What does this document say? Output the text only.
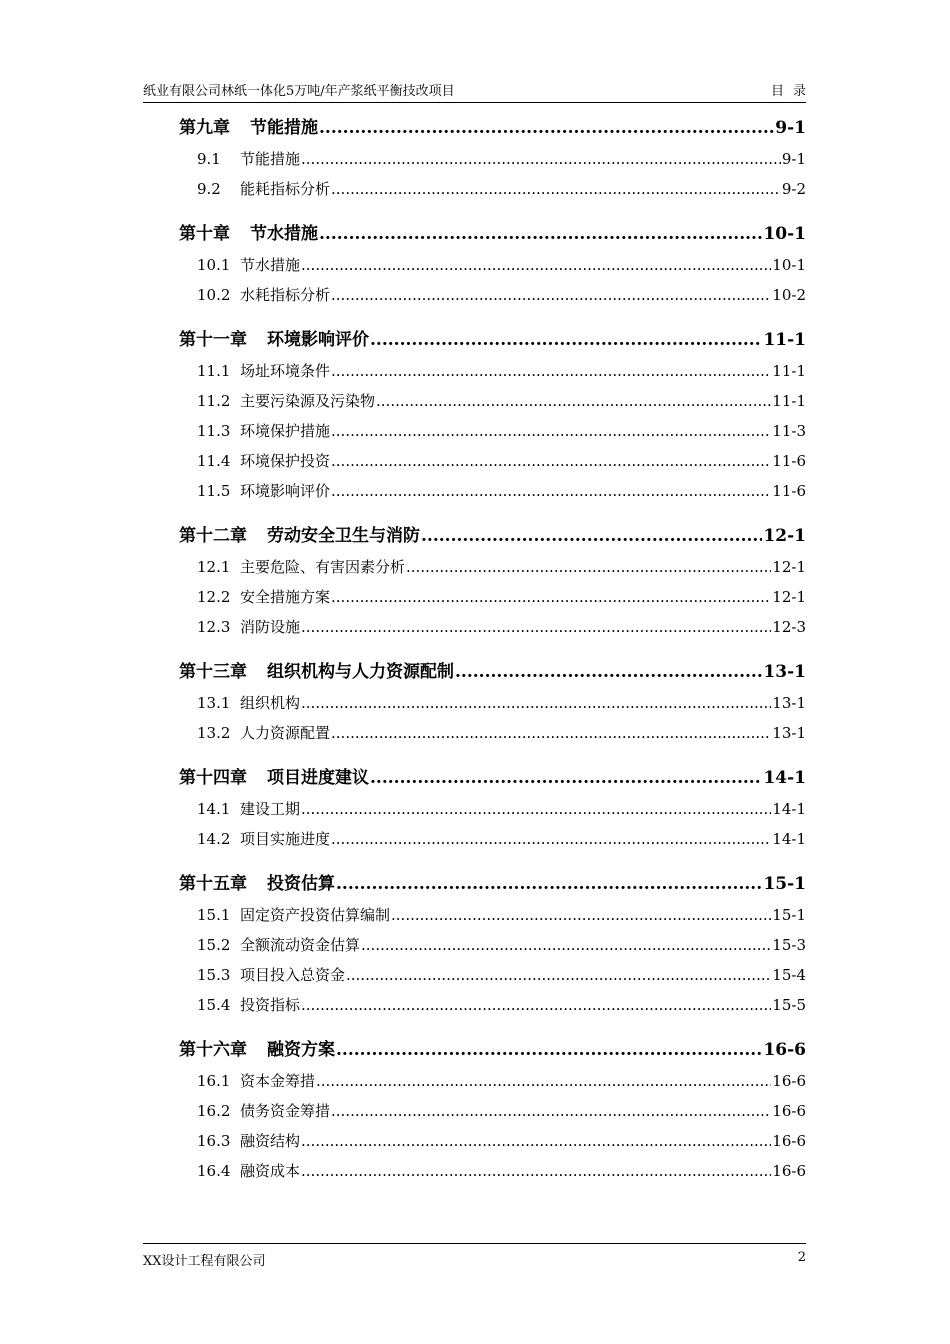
纸业有限公司林纸一体化5万吨/年产浆纸平衡技改项目	目录
第九章 节能措施 .....	9-1
9.1	节能措施 .....	9-1
9.2	能耗指标分析 .....	9-2
第十章 节水措施 .....	10-1
10.1 节水措施 .....	10-1
10.2 水耗指标分析 .....	10-2
第十一章 环境影响评价 .....	11-1
11.1 场址环境条件 .....	11-1
11.2 主要污染源及污染物 .....	11-1
11.3 环境保护措施 .....	11-3
11.4 环境保护投资 .....	11-6
11.5 环境影响评价 .....	11-6
第十二章 劳动安全卫生与消防 .....	12-1
12.1 主要危险、有害因素分析 .....	12-1
12.2 安全措施方案 .....	12-1
12.3 消防设施 .....	12-3
第十三章 组织机构与人力资源配制 .....	13-1
13.1 组织机构 .....	13-1
13.2 人力资源配置 .....	13-1
第十四章 项目进度建议 .....	14-1
14.1 建设工期 .....	14-1
14.2 项目实施进度 .....	14-1
第十五章 投资估算 .....	15-1
15.1 固定资产投资估算编制 .....	15-1
15.2 全额流动资金估算 .....	15-3
15.3 项目投入总资金 .....	15-4
15.4 投资指标 .....	15-5
第十六章 融资方案 .....	16-6
16.1 资本金筹措 .....	16-6
16.2 债务资金筹措 .....	16-6
16.3 融资结构 .....	16-6
16.4 融资成本 .....	16-6
XX设计工程有限公司	2
